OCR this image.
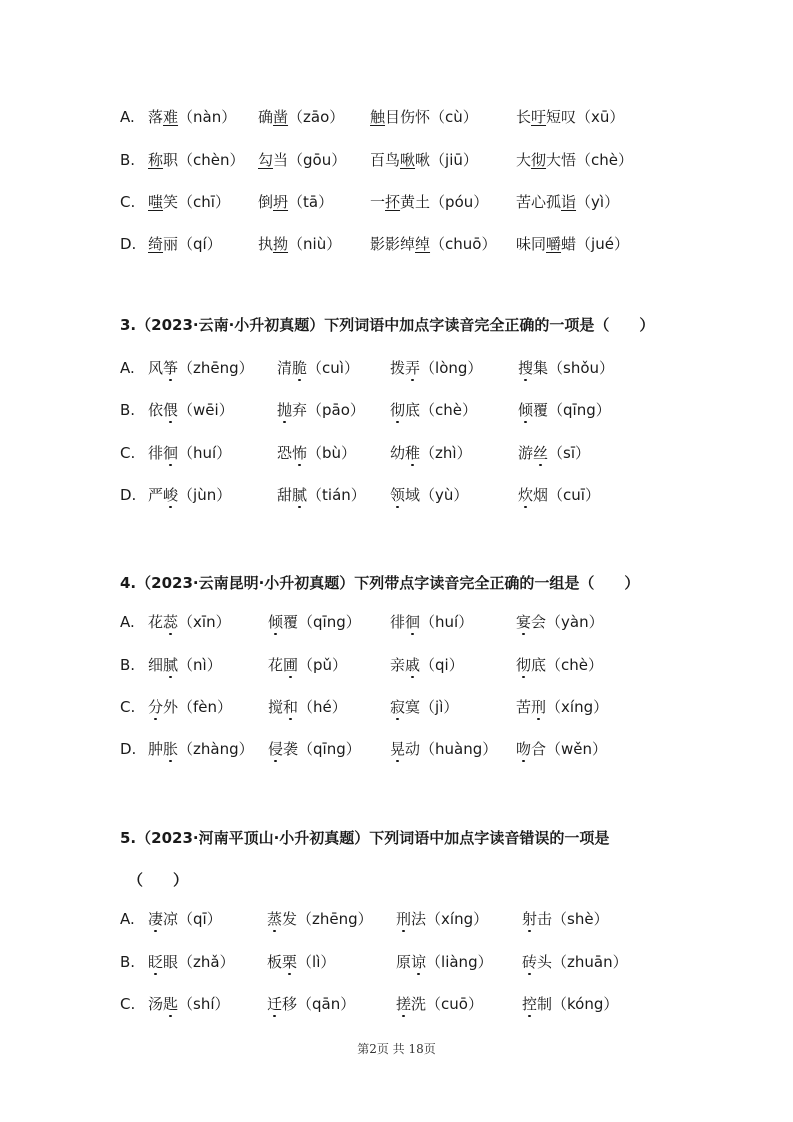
A. 落难（nàn） 确凿（zāo） 触目伤怀（cù）	长吁短叹（xū）
B. 称职（chèn） 勾当（gōu） 百鸟啾啾（jiū）	大彻大悟（chè）
C. 嗤笑（chī） 倒坍（tā） 一抔黄土（póu） 苦心孤诣（yì）
D. 绮丽（qí） 执拗（niù） 影影绰绰（chuō） 味同嚼蜡（jué）
3.（2023·云南·小升初真题）下列词语中加点字读音完全正确的一项是（　　 ）
A. 风筝（zhēng） 清脆（cuì） 拨弄（lòng） 搜集（shǒu）
B. 依偎（wēi）	抛弃（pāo） 彻底（chè）	倾覆（qīng）
C. 徘徊（huí）	恐怖（bù） 幼稚（zhì）	游丝（sī）
D. 严峻（jùn）	甜腻（tián） 领域（yù）	炊烟（cuī）
4.（2023·云南昆明·小升初真题）下列带点字读音完全正确的一组是（　　 ）
A. 花蕊（xīn） 倾覆（qīng） 徘徊（huí）	宴会（yàn）
B. 细腻（nì）	花圃（pǔ）	亲戚（qi）	彻底（chè）
C. 分外（fèn） 搅和（hé）	寂寞（jì）	苦刑（xíng）
D. 肿胀（zhàng） 侵袭（qīng） 晃动（huàng） 吻合（wěn）
5.（2023·河南平顶山·小升初真题）下列词语中加点字读音错误的一项是
（　　 ）
A. 凄凉（qī）	蒸发（zhēng） 刑法（xíng） 射击（shè）
B. 眨眼（zhǎ） 板栗（lì）	原谅（liàng） 砖头（zhuān）
C. 汤匙（shí） 迁移（qān）	搓洗（cuō）	控制（kóng）
第2页 共 18页
